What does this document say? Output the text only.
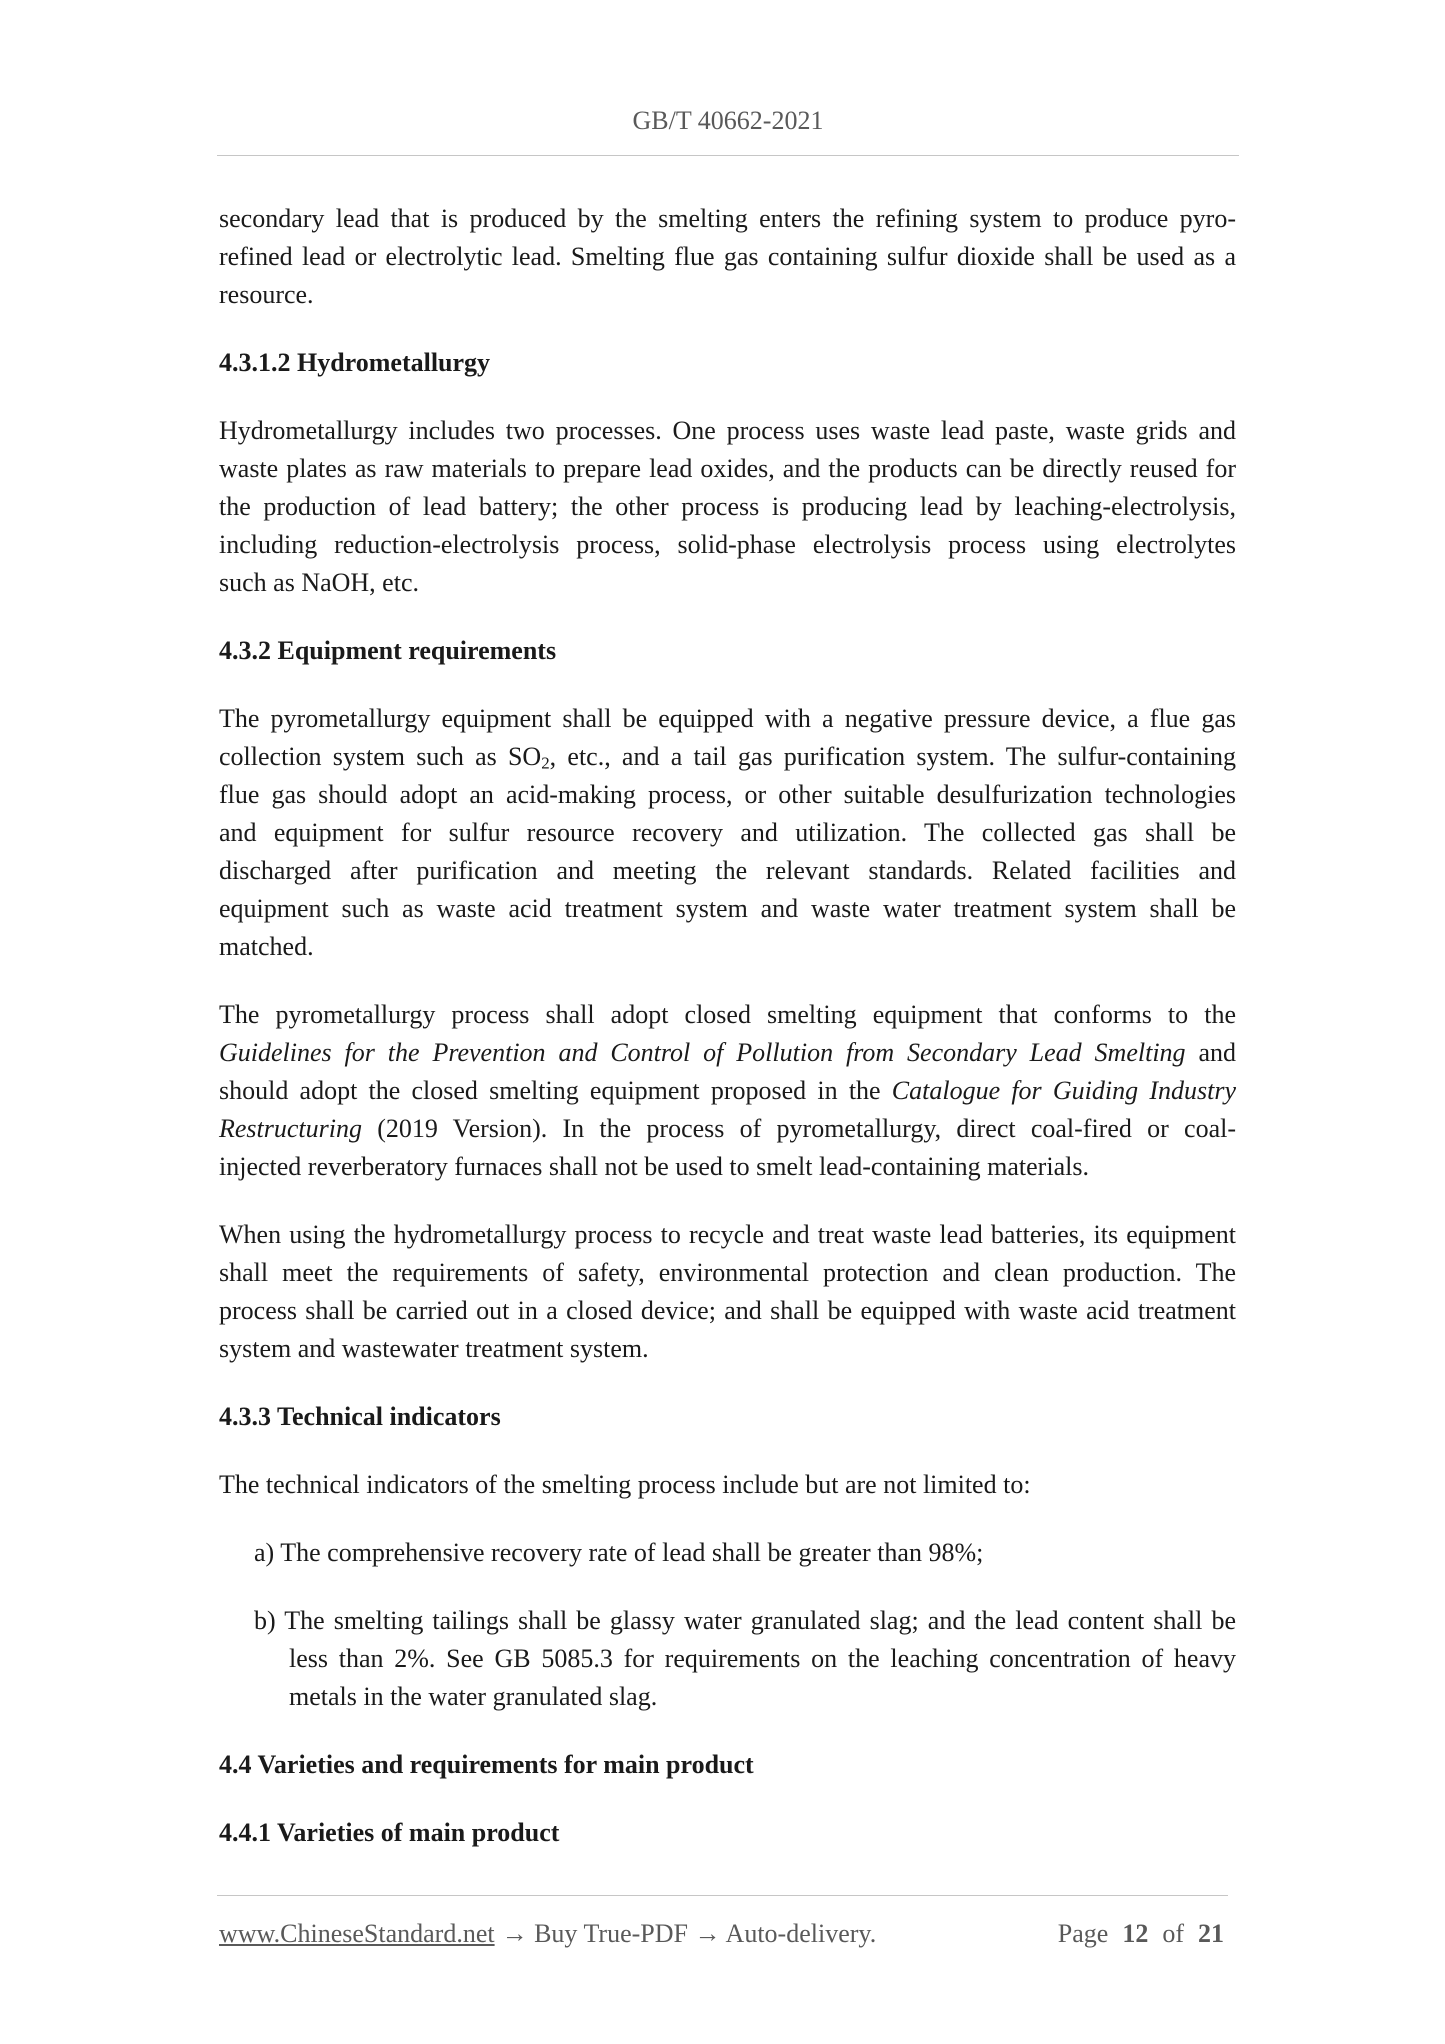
GB/T 40662-2021
secondary lead that is produced by the smelting enters the refining system to produce pyro-
refined lead or electrolytic lead. Smelting flue gas containing sulfur dioxide shall be used as a
resource.
4.3.1.2 Hydrometallurgy
Hydrometallurgy includes two processes. One process uses waste lead paste, waste grids and
waste plates as raw materials to prepare lead oxides, and the products can be directly reused for
the production of lead battery; the other process is producing lead by leaching-electrolysis,
including reduction-electrolysis process, solid-phase electrolysis process using electrolytes
such as NaOH, etc.
4.3.2 Equipment requirements
The pyrometallurgy equipment shall be equipped with a negative pressure device, a flue gas
collection system such as $SO_2$, etc., and a tail gas purification system. The sulfur-containing
flue gas should adopt an acid-making process, or other suitable desulfurization technologies
and equipment for sulfur resource recovery and utilization. The collected gas shall be
discharged after purification and meeting the relevant standards. Related facilities and
equipment such as waste acid treatment system and waste water treatment system shall be
matched.
The pyrometallurgy process shall adopt closed smelting equipment that conforms to the
Guidelines for the Prevention and Control of Pollution from Secondary Lead Smelting and
should adopt the closed smelting equipment proposed in the Catalogue for Guiding Industry
Restructuring (2019 Version). In the process of pyrometallurgy, direct coal-fired or coal-
injected reverberatory furnaces shall not be used to smelt lead-containing materials.
When using the hydrometallurgy process to recycle and treat waste lead batteries, its equipment
shall meet the requirements of safety, environmental protection and clean production. The
process shall be carried out in a closed device; and shall be equipped with waste acid treatment
system and wastewater treatment system.
4.3.3 Technical indicators
The technical indicators of the smelting process include but are not limited to:
a) The comprehensive recovery rate of lead shall be greater than 98%;
b) The smelting tailings shall be glassy water granulated slag; and the lead content shall be
less than 2%. See GB 5085.3 for requirements on the leaching concentration of heavy
metals in the water granulated slag.
4.4 Varieties and requirements for main product
4.4.1 Varieties of main product
www.ChineseStandard.net → Buy True-PDF → Auto-delivery.	Page 12 of 21
